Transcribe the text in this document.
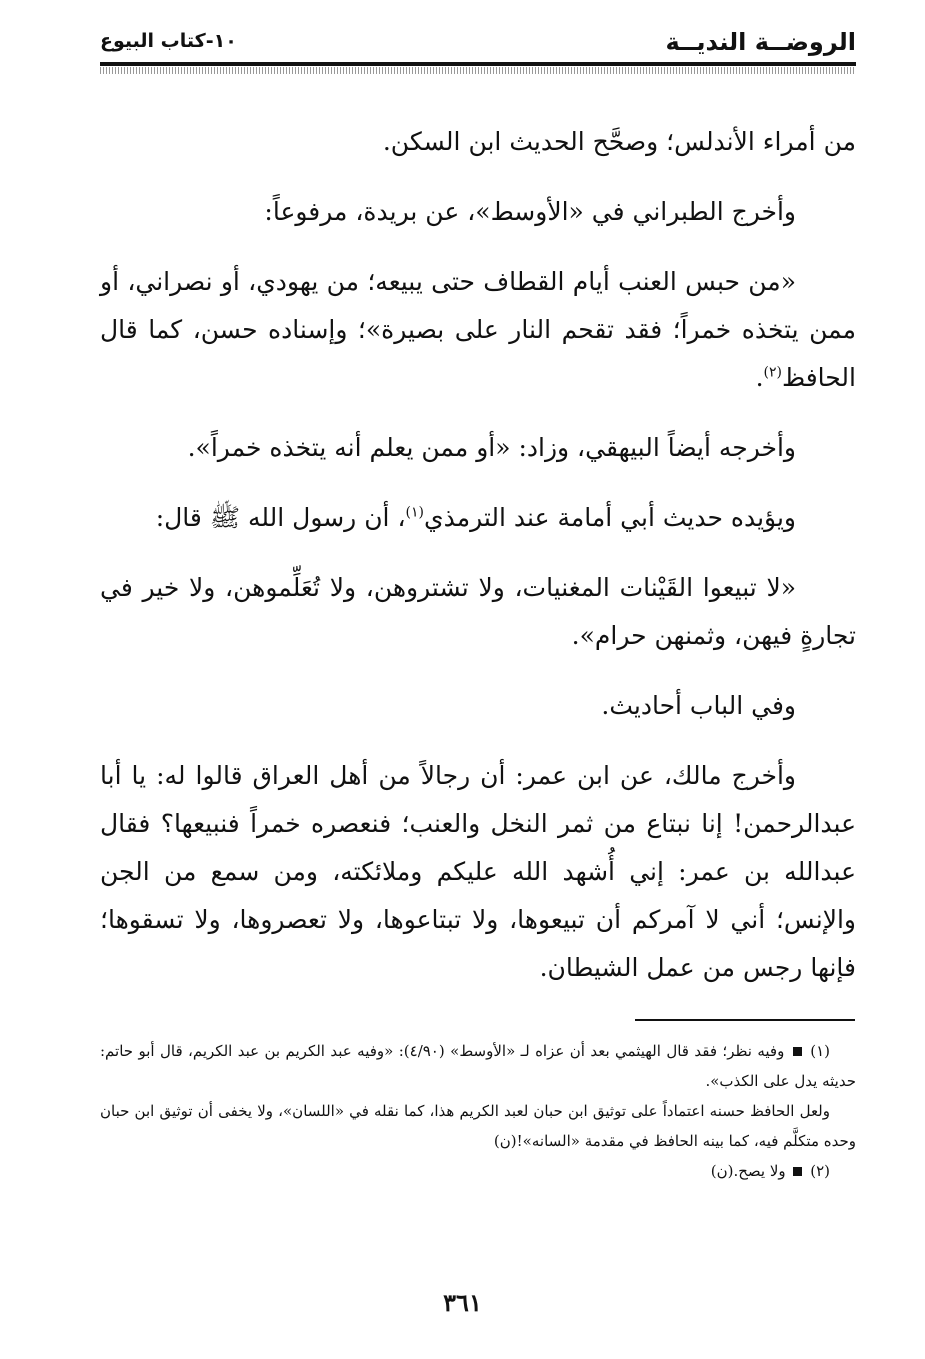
الروضــة النديــة
١٠-كتاب البيوع

من أمراء الأندلس؛ وصحَّح الحديث ابن السكن.

وأخرج الطبراني في «الأوسط»، عن بريدة، مرفوعاً:

«من حبس العنب أيام القطاف حتى يبيعه؛ من يهودي، أو نصراني، أو ممن يتخذه خمراً؛ فقد تقحم النار على بصيرة»؛ وإسناده حسن، كما قال الحافظ$^{(٢)}$.

وأخرجه أيضاً البيهقي، وزاد: «أو ممن يعلم أنه يتخذه خمراً».

ويؤيده حديث أبي أمامة عند الترمذي$^{(١)}$، أن رسول الله ﷺ قال:

«لا تبيعوا القَيْنات المغنيات، ولا تشتروهن، ولا تُعَلِّموهن، ولا خير في تجارةٍ فيهن، وثمنهن حرام».

وفي الباب أحاديث.

وأخرج مالك، عن ابن عمر: أن رجالاً من أهل العراق قالوا له: يا أبا عبدالرحمن! إنا نبتاع من ثمر النخل والعنب؛ فنعصره خمراً فنبيعها؟ فقال عبدالله بن عمر: إني أُشهد الله عليكم وملائكته، ومن سمع من الجن والإنس؛ أني لا آمركم أن تبيعوها، ولا تبتاعوها، ولا تعصروها، ولا تسقوها؛ فإنها رجس من عمل الشيطان.

(١)  وفيه نظر؛ فقد قال الهيثمي بعد أن عزاه لـ «الأوسط» (٤/٩٠): «وفيه عبد الكريم بن عبد الكريم، قال أبو حاتم: حديثه يدل على الكذب».

ولعل الحافظ حسنه اعتماداً على توثيق ابن حبان لعبد الكريم هذا، كما نقله في «اللسان»، ولا يخفى أن توثيق ابن حبان وحده متكلَّم فيه، كما بينه الحافظ في مقدمة «السانه»!(ن)

(٢)  ولا يصح.(ن)

٣٦١
